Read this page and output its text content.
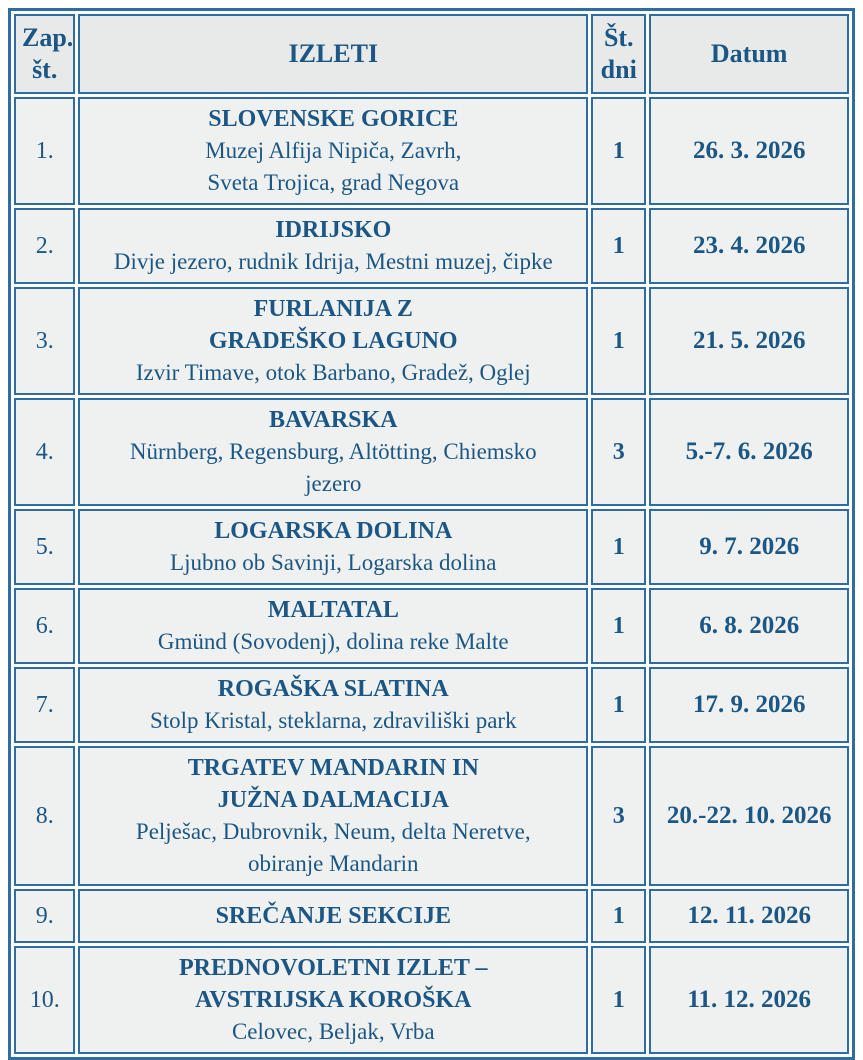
Zap.
št.	IZLETI	Št.
dni	Datum
1.	SLOVENSKE GORICE
Muzej Alfija Nipiča, Zavrh,
Sveta Trojica, grad Negova	1	26. 3. 2026
2.	IDRIJSKO
Divje jezero, rudnik Idrija, Mestni muzej, čipke	1	23. 4. 2026
3.	FURLANIJA Z
GRADEŠKO LAGUNO
Izvir Timave, otok Barbano, Gradež, Oglej	1	21. 5. 2026
4.	BAVARSKA
Nürnberg, Regensburg, Altötting, Chiemsko
jezero	3	5.-7. 6. 2026
5.	LOGARSKA DOLINA
Ljubno ob Savinji, Logarska dolina	1	9. 7. 2026
6.	MALTATAL
Gmünd (Sovodenj), dolina reke Malte	1	6. 8. 2026
7.	ROGAŠKA SLATINA
Stolp Kristal, steklarna, zdraviliški park	1	17. 9. 2026
8.	TRGATEV MANDARIN IN
JUŽNA DALMACIJA
Pelješac, Dubrovnik, Neum, delta Neretve,
obiranje Mandarin	3	20.-22. 10. 2026
9.	SREČANJE SEKCIJE	1	12. 11. 2026
10.	PREDNOVOLETNI IZLET –
AVSTRIJSKA KOROŠKA
Celovec, Beljak, Vrba	1	11. 12. 2026
